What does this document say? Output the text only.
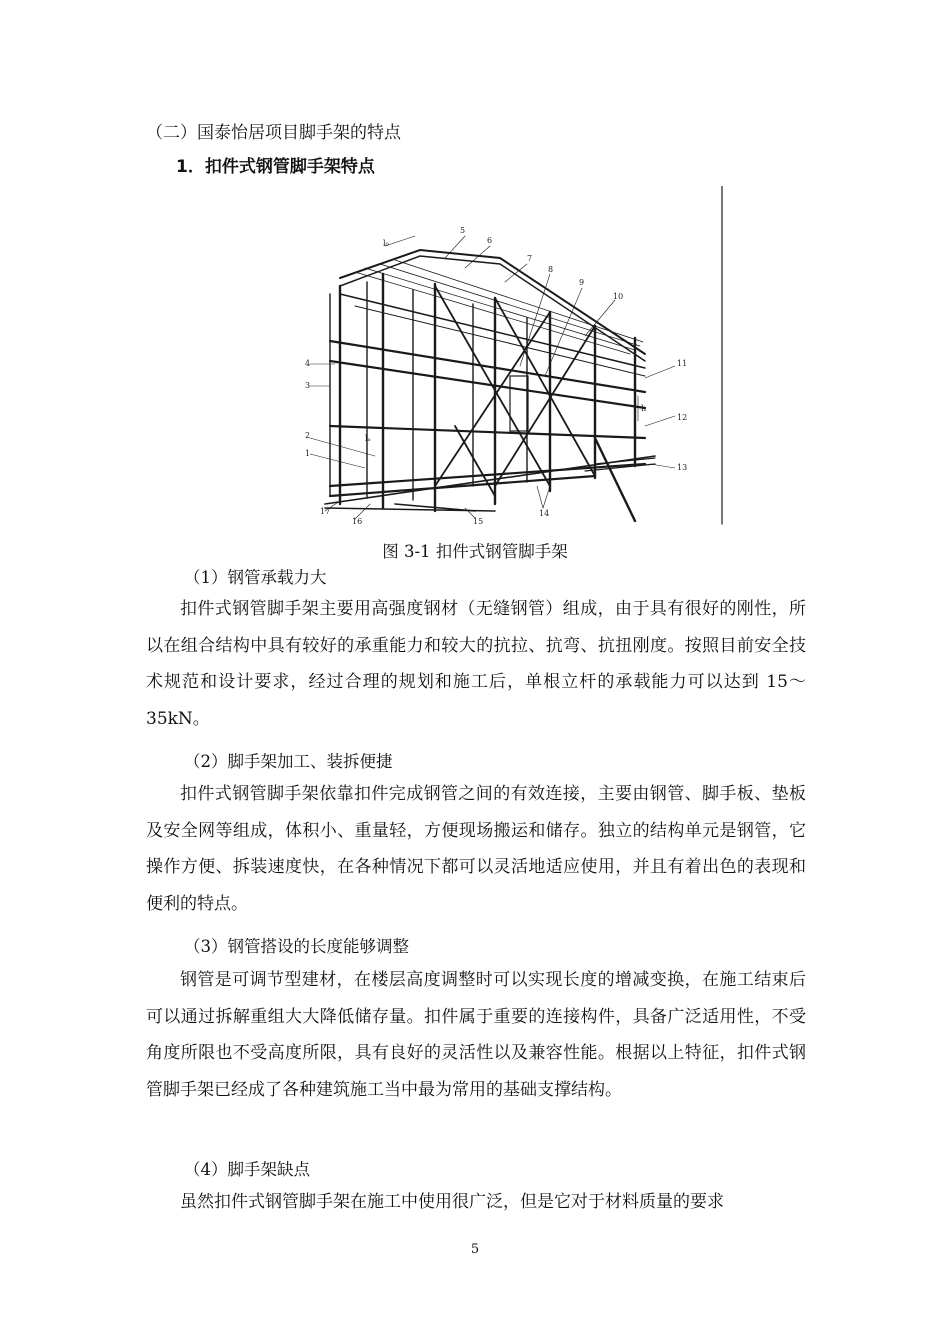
（二）国泰怡居项目脚手架的特点
1．扣件式钢管脚手架特点
5
6
7
8
9
10
11
12
13
14
15
16
17
1
2
3
4
l₀
h
lₐ
图 3-1 扣件式钢管脚手架
（1）钢管承载力大
扣件式钢管脚手架主要用高强度钢材（无缝钢管）组成，由于具有很好的刚性，所以在组合结构中具有较好的承重能力和较大的抗拉、抗弯、抗扭刚度。按照目前安全技术规范和设计要求，经过合理的规划和施工后，单根立杆的承载能力可以达到 15～35kN。
（2）脚手架加工、装拆便捷
扣件式钢管脚手架依靠扣件完成钢管之间的有效连接，主要由钢管、脚手板、垫板及安全网等组成，体积小、重量轻，方便现场搬运和储存。独立的结构单元是钢管，它操作方便、拆装速度快，在各种情况下都可以灵活地适应使用，并且有着出色的表现和便利的特点。
（3）钢管搭设的长度能够调整
钢管是可调节型建材，在楼层高度调整时可以实现长度的增减变换，在施工结束后可以通过拆解重组大大降低储存量。扣件属于重要的连接构件，具备广泛适用性，不受角度所限也不受高度所限，具有良好的灵活性以及兼容性能。根据以上特征，扣件式钢管脚手架已经成了各种建筑施工当中最为常用的基础支撑结构。
（4）脚手架缺点
虽然扣件式钢管脚手架在施工中使用很广泛，但是它对于材料质量的要求
5
